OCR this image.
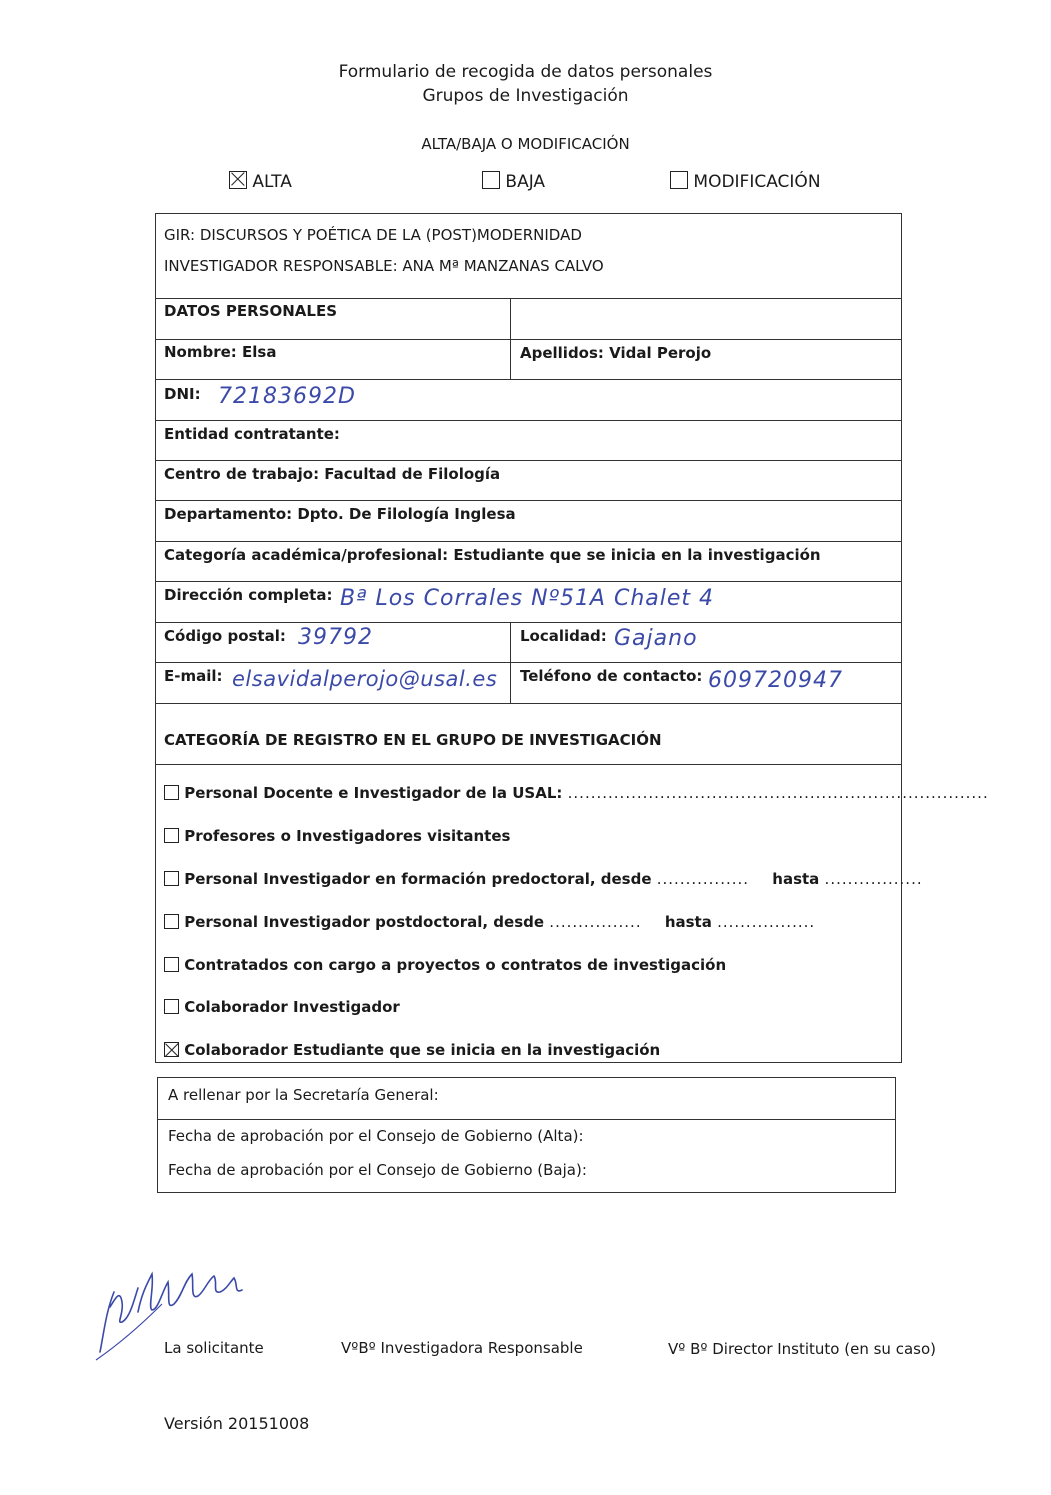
Formulario de recogida de datos personales
Grupos de Investigación
ALTA/BAJA O MODIFICACIÓN
ALTA	BAJA	MODIFICACIÓN
GIR: DISCURSOS Y POÉTICA DE LA (POST)MODERNIDAD
INVESTIGADOR RESPONSABLE: ANA Mª MANZANAS CALVO
DATOS PERSONALES
Nombre: Elsa	Apellidos: Vidal Perojo
DNI: 72183692D
Entidad contratante:
Centro de trabajo: Facultad de Filología
Departamento: Dpto. De Filología Inglesa
Categoría académica/profesional: Estudiante que se inicia en la investigación
Dirección completa: Bª Los Corrales Nº51A Chalet 4
Código postal: 39792	Localidad: Gajano
E-mail: elsavidalperojo@usal.es Teléfono de contacto: 609720947
CATEGORÍA DE REGISTRO EN EL GRUPO DE INVESTIGACIÓN
Personal Docente e Investigador de la USAL: .........................................................................
Profesores o Investigadores visitantes
Personal Investigador en formación predoctoral, desde ................ hasta .................
Personal Investigador postdoctoral, desde ................ hasta .................
Contratados con cargo a proyectos o contratos de investigación
Colaborador Investigador
Colaborador Estudiante que se inicia en la investigación
A rellenar por la Secretaría General:
Fecha de aprobación por el Consejo de Gobierno (Alta):
Fecha de aprobación por el Consejo de Gobierno (Baja):
La solicitante	VºBº Investigadora Responsable	Vº Bº Director Instituto (en su caso)
Versión 20151008
